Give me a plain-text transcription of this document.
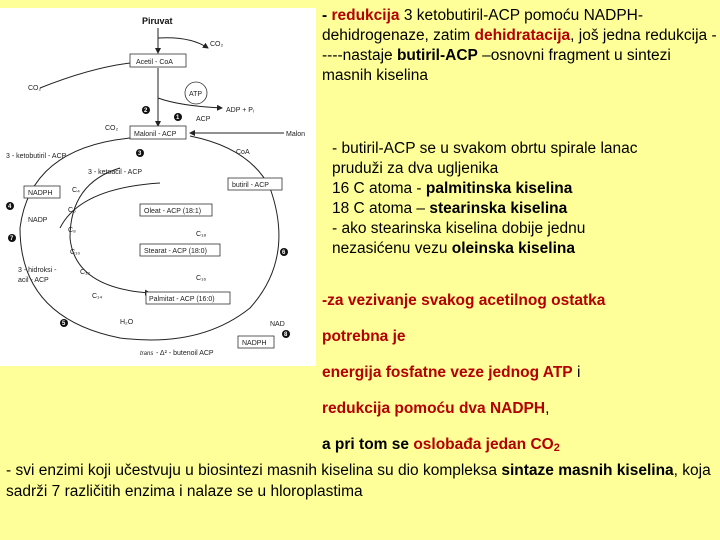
Piruvat
CO₂
Acetil - CoA
CO₂
ATP
ADP + Pᵢ
ACP
CO₂
Malonil - ACP	Malon
CoA
3 - ketobutiril - ACP
3 - ketoacil - ACP
NADPH
NADP
C₄
C₆
C₈
C₁₀
C₁₂
C₁₄
C₁₆
C₁₈
butiril - ACP
Oleat - ACP (18:1)
Stearat - ACP (18:0)
Palmitat - ACP (16:0)
3 - hidroksi -
acil - ACP
H₂O
trans - Δ² - butenoil ACP
NADPH
NAD
1
2
3
4
5
6
7
8
- redukcija 3 ketobutiril-ACP pomoću NADPH-dehidrogenaze, zatim dehidratacija, još jedna redukcija -----nastaje butiril-ACP –osnovni fragment u sintezi masnih kiselina
- butiril-ACP se u svakom obrtu spirale lanac
pruduži za dva ugljenika
16 C atoma - palmitinska kiselina
18 C atoma – stearinska kiselina
- ako stearinska kiselina dobije jednu
nezasićenu vezu oleinska kiselina
-za vezivanje svakog acetilnog ostatka
potrebna je
energija fosfatne veze jednog ATP i
redukcija pomoću dva NADPH,
a pri tom se oslobađa jedan CO2
- svi enzimi koji učestvuju u biosintezi masnih kiselina su dio kompleksa sintaze masnih kiselina, koja sadrži 7 različitih enzima i nalaze se u hloroplastima
